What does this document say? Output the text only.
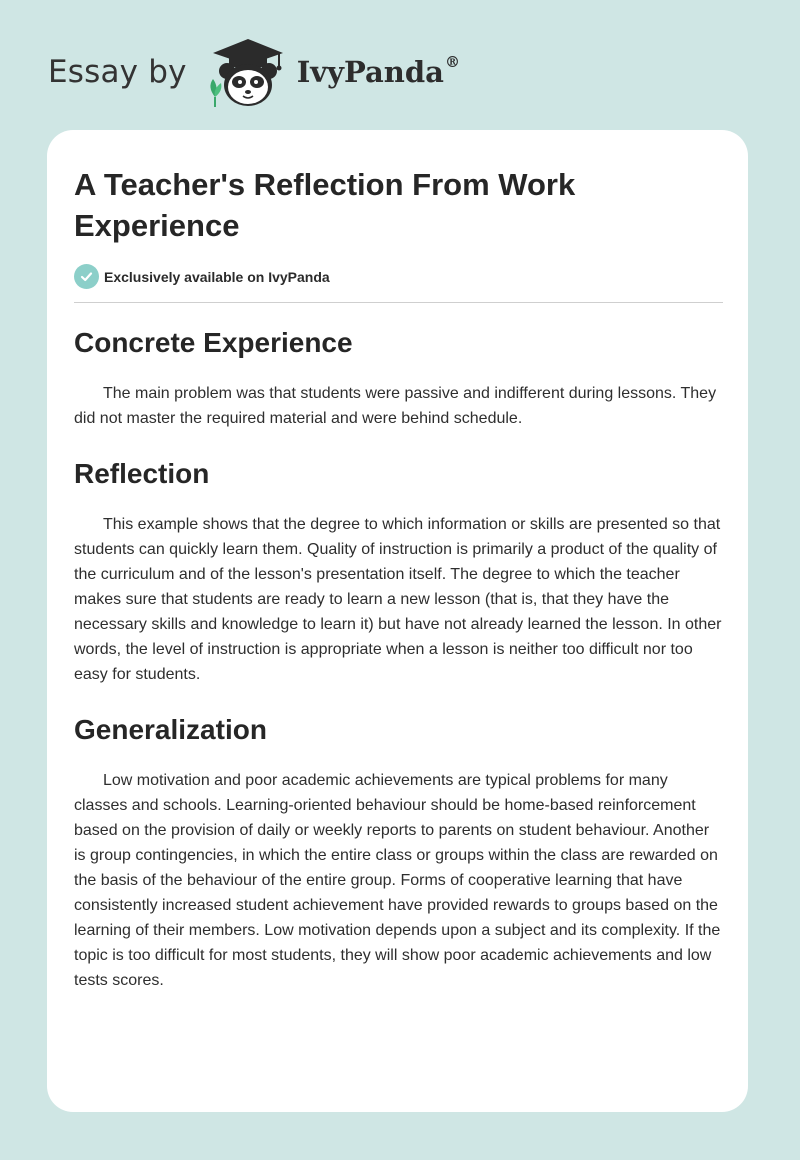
Essay by	IvyPanda®
A Teacher's Reflection From Work Experience
Exclusively available on IvyPanda
Concrete Experience

The main problem was that students were passive and indifferent during lessons. They did not master the required material and were behind schedule.

Reflection

This example shows that the degree to which information or skills are presented so that students can quickly learn them. Quality of instruction is primarily a product of the quality of the curriculum and of the lesson's presentation itself. The degree to which the teacher makes sure that students are ready to learn a new lesson (that is, that they have the necessary skills and knowledge to learn it) but have not already learned the lesson. In other words, the level of instruction is appropriate when a lesson is neither too difficult nor too easy for students.

Generalization

Low motivation and poor academic achievements are typical problems for many classes and schools. Learning-oriented behaviour should be home-based reinforcement based on the provision of daily or weekly reports to parents on student behaviour. Another is group contingencies, in which the entire class or groups within the class are rewarded on the basis of the behaviour of the entire group. Forms of cooperative learning that have consistently increased student achievement have provided rewards to groups based on the learning of their members. Low motivation depends upon a subject and its complexity. If the topic is too difficult for most students, they will show poor academic achievements and low tests scores.
